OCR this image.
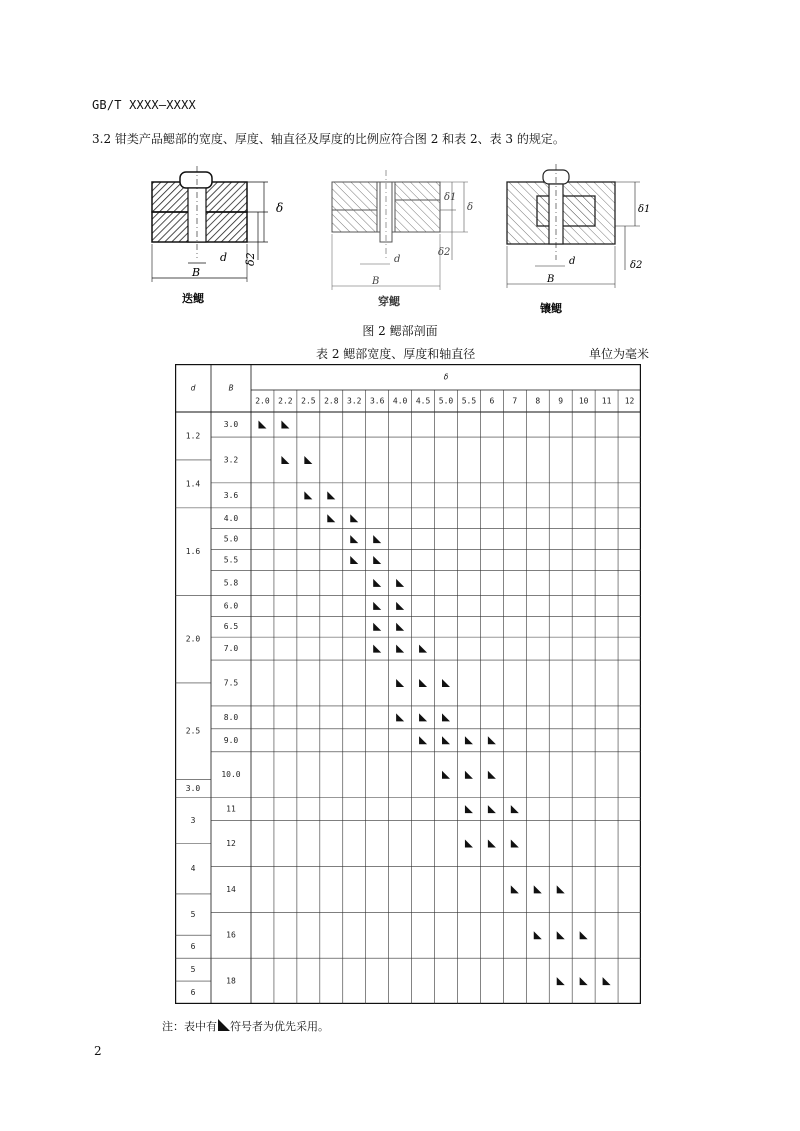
GB/T XXXX—XXXX
3.2 钳类产品鳃部的宽度、厚度、轴直径及厚度的比例应符合图 2 和表 2、表 3 的规定。
δ
δ2
B
d
迭鳃
δ1
δ
δ2
B
d
穿鳃
δ1
δ2
B
d
镶鳃
图 2 鳃部剖面
表 2 鳃部宽度、厚度和轴直径	单位为毫米
d	B
δ
2.0 2.2 2.5 2.8 3.2 3.6 4.0 4.5 5.0 5.5 6 7 8 9 10 11 12
3.0
3.2
3.6
4.0
5.0
5.5
5.8
6.0
6.5
7.0
7.5
8.0
9.0
10.0
11
12
14
16
18
1.2
1.4
1.6
2.0
2.5
3.0
3
4
5
6
5
6
注：表中有 符号者为优先采用。
2
